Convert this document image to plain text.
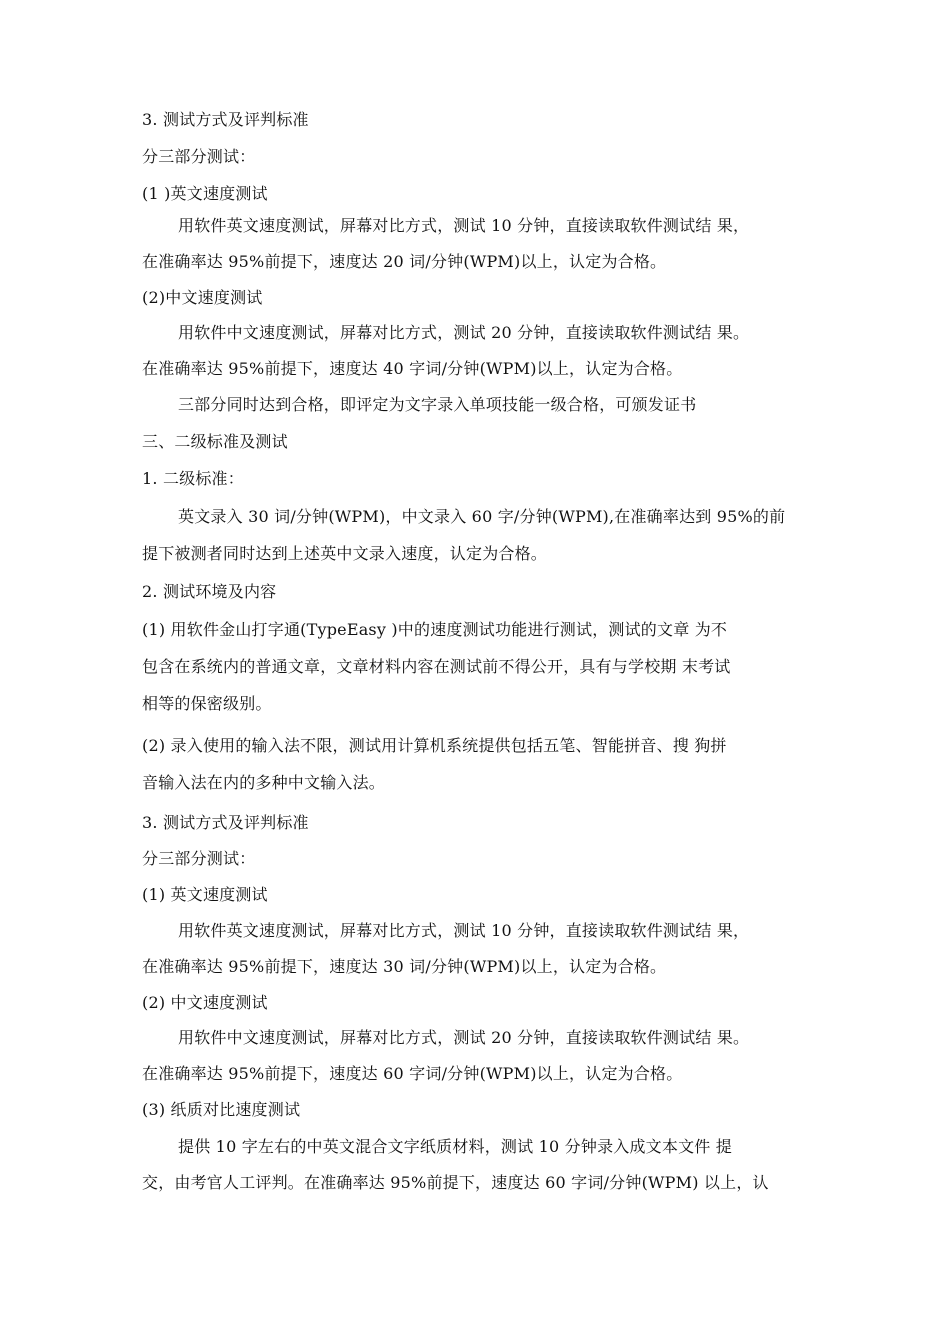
3. 测试方式及评判标准
分三部分测试：
(1 )英文速度测试
用软件英文速度测试，屏幕对比方式，测试 10 分钟，直接读取软件测试结 果，
在准确率达 95%前提下，速度达 20 词/分钟(WPM)以上，认定为合格。
(2)中文速度测试
用软件中文速度测试，屏幕对比方式，测试 20 分钟，直接读取软件测试结 果。
在准确率达 95%前提下，速度达 40 字词/分钟(WPM)以上，认定为合格。
三部分同时达到合格，即评定为文字录入单项技能一级合格，可颁发证书
三、二级标准及测试
1. 二级标准：
英文录入 30 词/分钟(WPM)，中文录入 60 字/分钟(WPM),在准确率达到 95%的前
提下被测者同时达到上述英中文录入速度，认定为合格。
2. 测试环境及内容
(1) 用软件金山打字通(TypeEasy )中的速度测试功能进行测试，测试的文章 为不
包含在系统内的普通文章，文章材料内容在测试前不得公开，具有与学校期 末考试
相等的保密级别。
(2) 录入使用的输入法不限，测试用计算机系统提供包括五笔、智能拼音、搜 狗拼
音输入法在内的多种中文输入法。
3. 测试方式及评判标准
分三部分测试：
(1) 英文速度测试
用软件英文速度测试，屏幕对比方式，测试 10 分钟，直接读取软件测试结 果，
在准确率达 95%前提下，速度达 30 词/分钟(WPM)以上，认定为合格。
(2) 中文速度测试
用软件中文速度测试，屏幕对比方式，测试 20 分钟，直接读取软件测试结 果。
在准确率达 95%前提下，速度达 60 字词/分钟(WPM)以上，认定为合格。
(3) 纸质对比速度测试
提供 10 字左右的中英文混合文字纸质材料，测试 10 分钟录入成文本文件 提
交，由考官人工评判。在准确率达 95%前提下，速度达 60 字词/分钟(WPM) 以上，认
